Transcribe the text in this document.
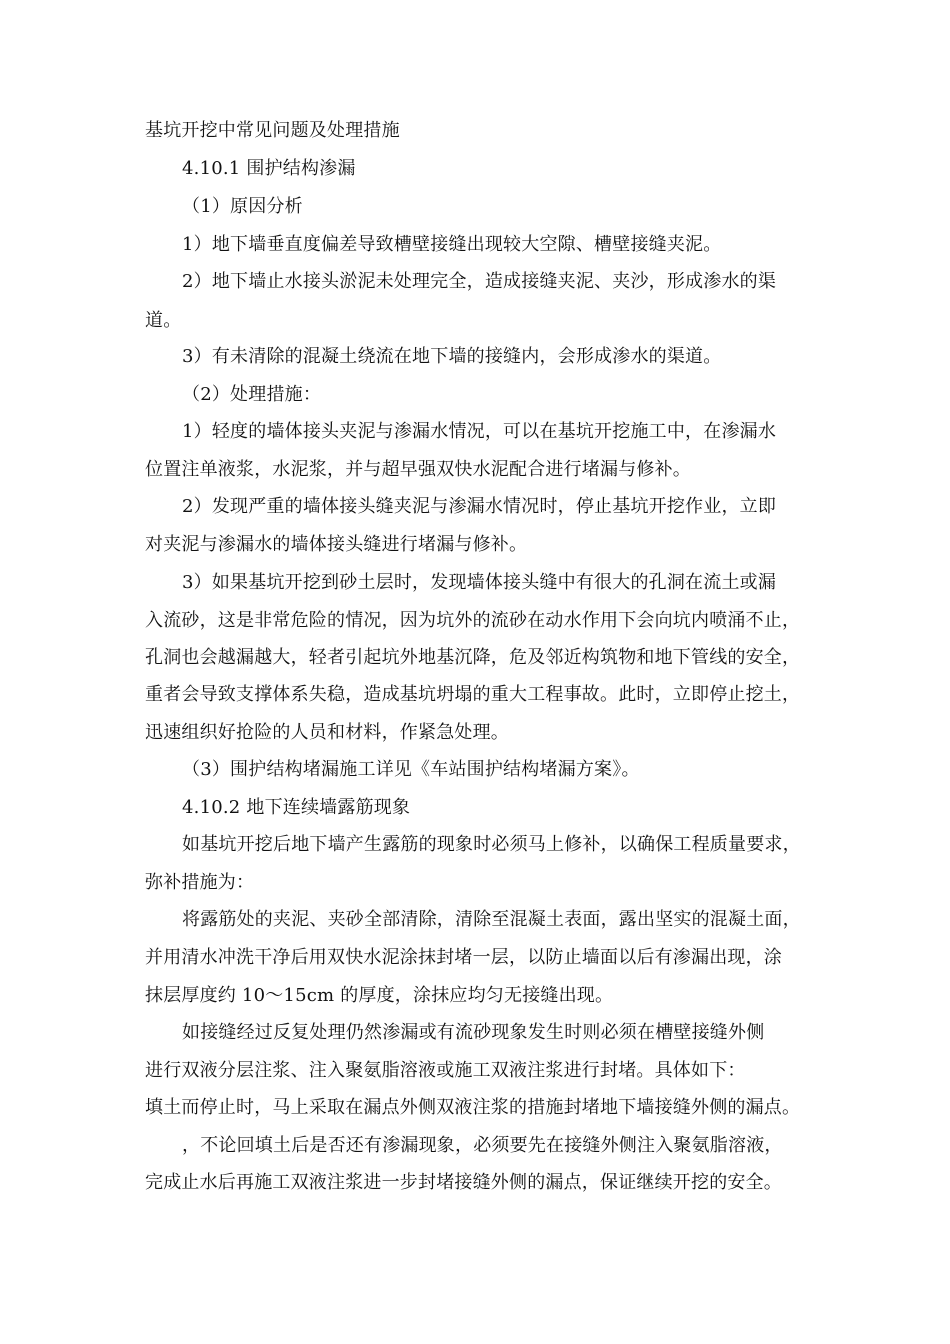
基坑开挖中常见问题及处理措施
4.10.1 围护结构渗漏
（1）原因分析
1）地下墙垂直度偏差导致槽壁接缝出现较大空隙、槽壁接缝夹泥。
2）地下墙止水接头淤泥未处理完全，造成接缝夹泥、夹沙，形成渗水的渠
道。
3）有未清除的混凝土绕流在地下墙的接缝内，会形成渗水的渠道。
（2）处理措施：
1）轻度的墙体接头夹泥与渗漏水情况，可以在基坑开挖施工中，在渗漏水
位置注单液浆，水泥浆，并与超早强双快水泥配合进行堵漏与修补。
2）发现严重的墙体接头缝夹泥与渗漏水情况时，停止基坑开挖作业，立即
对夹泥与渗漏水的墙体接头缝进行堵漏与修补。
3）如果基坑开挖到砂土层时，发现墙体接头缝中有很大的孔洞在流土或漏
入流砂，这是非常危险的情况，因为坑外的流砂在动水作用下会向坑内喷涌不止，
孔洞也会越漏越大，轻者引起坑外地基沉降，危及邻近构筑物和地下管线的安全，
重者会导致支撑体系失稳，造成基坑坍塌的重大工程事故。此时，立即停止挖土，
迅速组织好抢险的人员和材料，作紧急处理。
（3）围护结构堵漏施工详见《车站围护结构堵漏方案》。
4.10.2 地下连续墙露筋现象
如基坑开挖后地下墙产生露筋的现象时必须马上修补，以确保工程质量要求，
弥补措施为：
将露筋处的夹泥、夹砂全部清除，清除至混凝土表面，露出坚实的混凝土面，
并用清水冲洗干净后用双快水泥涂抹封堵一层，以防止墙面以后有渗漏出现，涂
抹层厚度约 10～15cm 的厚度，涂抹应均匀无接缝出现。
如接缝经过反复处理仍然渗漏或有流砂现象发生时则必须在槽壁接缝外侧
进行双液分层注浆、注入聚氨脂溶液或施工双液注浆进行封堵。具体如下：
填土而停止时，马上采取在漏点外侧双液注浆的措施封堵地下墙接缝外侧的漏点。
，不论回填土后是否还有渗漏现象，必须要先在接缝外侧注入聚氨脂溶液，
完成止水后再施工双液注浆进一步封堵接缝外侧的漏点，保证继续开挖的安全。
